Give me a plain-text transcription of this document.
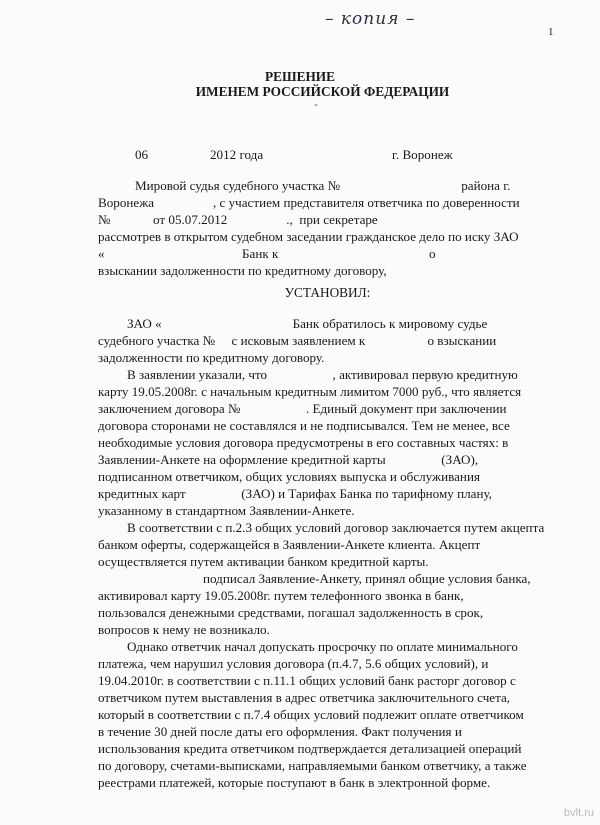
– копия –
1
РЕШЕНИЕ
ИМЕНЕМ РОССИЙСКОЙ ФЕДЕРАЦИИ
-
06	2012 года	г. Воронеж
Мировой судья судебного участка №                                     района г.
Воронежа                  , с участием представителя ответчика по доверенности
№             от 05.07.2012                  .,  при секретаре
рассмотрев в открытом судебном заседании гражданское дело по иску ЗАО
«                                          Банк к                                              о
взыскании задолженности по кредитному договору,
УСТАНОВИЛ:
ЗАО «                                        Банк обратилось к мировому судье
судебного участка №     с исковым заявлением к                   о взыскании
задолженности по кредитному договору.
В заявлении указали, что                    , активировал первую кредитную
карту 19.05.2008г. с начальным кредитным лимитом 7000 руб., что является
заключением договора №                    . Единый документ при заключении
договора сторонами не составлялся и не подписывался. Тем не менее, все
необходимые условия договора предусмотрены в его составных частях: в
Заявлении-Анкете на оформление кредитной карты                 (ЗАО),
подписанном ответчиком, общих условиях выпуска и обслуживания
кредитных карт                 (ЗАО) и Тарифах Банка по тарифному плану,
указанному в стандартном Заявлении-Анкете.
В соответствии с п.2.3 общих условий договор заключается путем акцепта
банком оферты, содержащейся в Заявлении-Анкете клиента. Акцепт
осуществляется путем активации банком кредитной карты.
подписал Заявление-Анкету, принял общие условия банка,
активировал карту 19.05.2008г. путем телефонного звонка в банк,
пользовался денежными средствами, погашал задолженность в срок,
вопросов к нему не возникало.
Однако ответчик начал допускать просрочку по оплате минимального
платежа, чем нарушил условия договора (п.4.7, 5.6 общих условий), и
19.04.2010г. в соответствии с п.11.1 общих условий банк расторг договор с
ответчиком путем выставления в адрес ответчика заключительного счета,
который в соответствии с п.7.4 общих условий подлежит оплате ответчиком
в течение 30 дней после даты его оформления. Факт получения и
использования кредита ответчиком подтверждается детализацией операций
по договору, счетами-выписками, направляемыми банком ответчику, а также
реестрами платежей, которые поступают в банк в электронной форме.
bvlt.ru
